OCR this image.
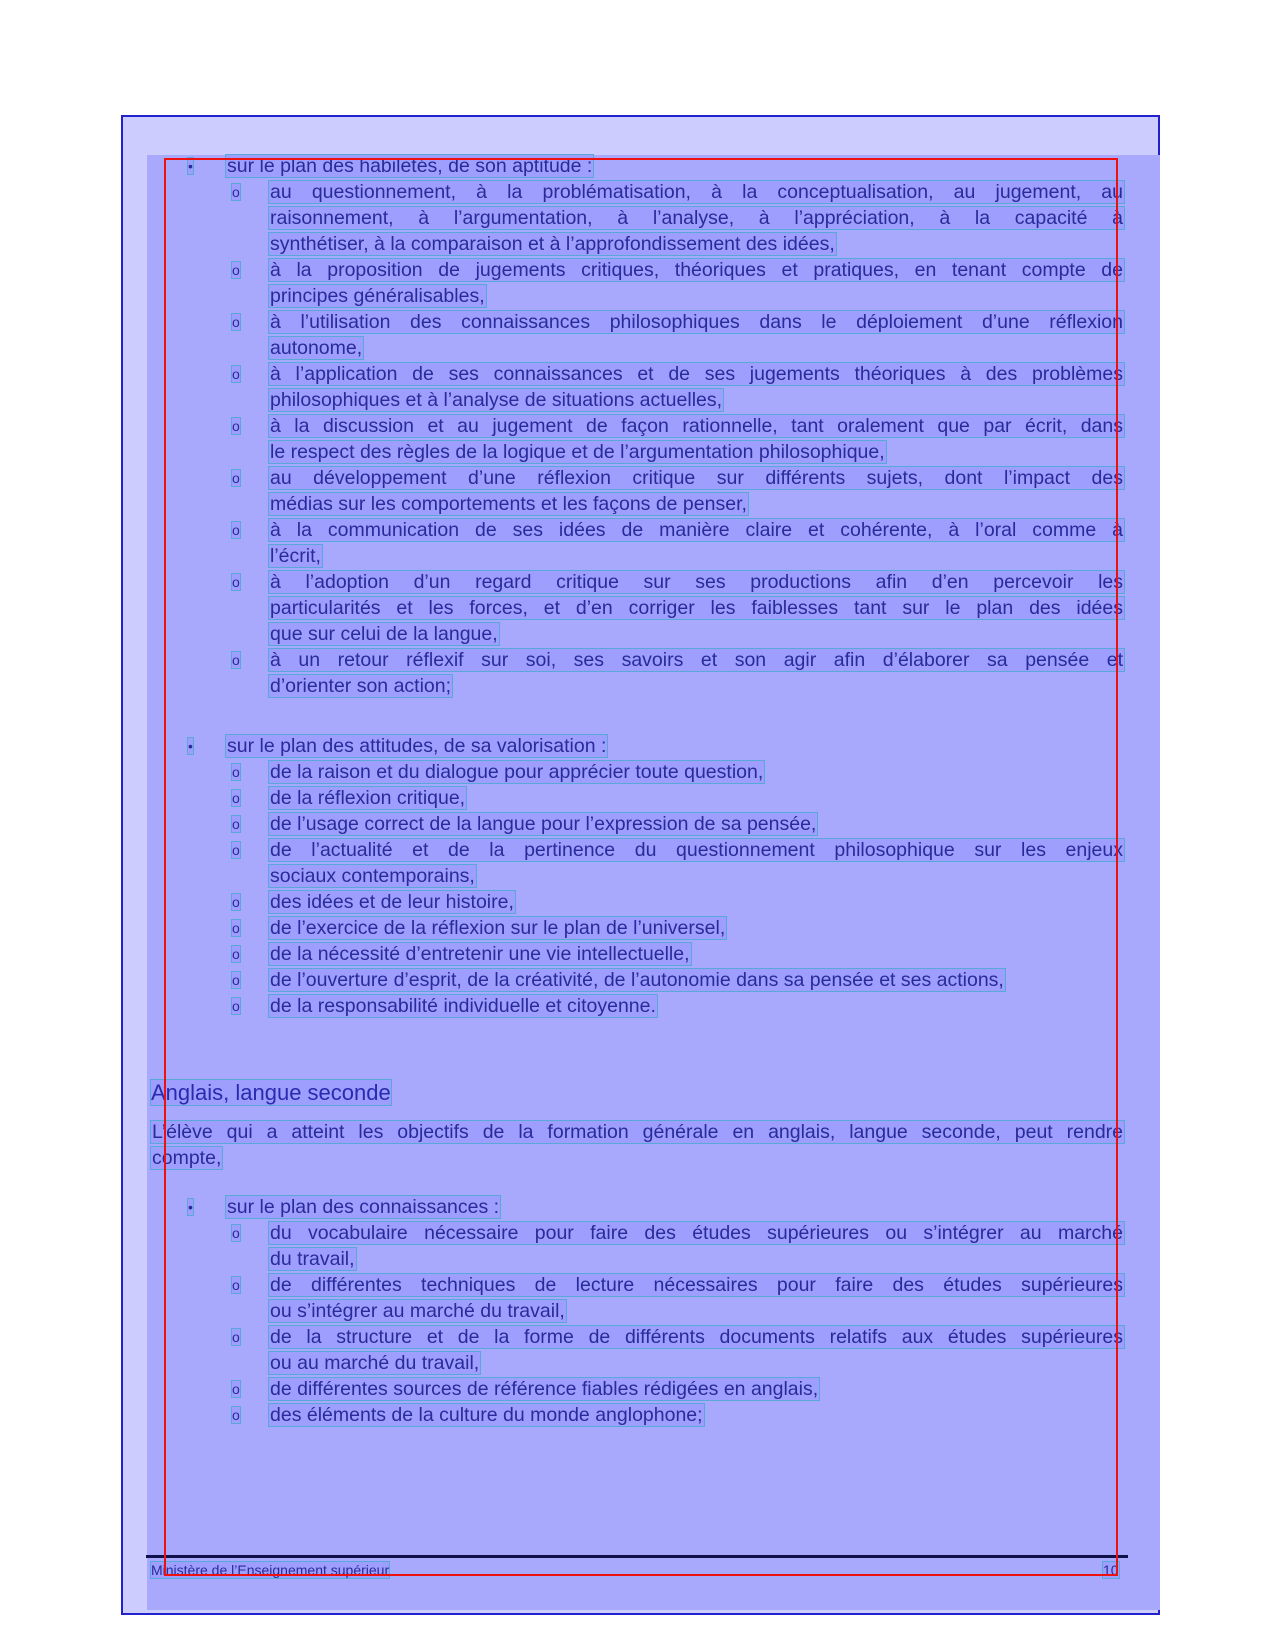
• sur le plan des habiletés, de son aptitude :
o au questionnement, à la problématisation, à la conceptualisation, au jugement, au
raisonnement, à l’argumentation, à l’analyse, à l’appréciation, à la capacité à
synthétiser, à la comparaison et à l’approfondissement des idées,
o à la proposition de jugements critiques, théoriques et pratiques, en tenant compte de
principes généralisables,
o à l’utilisation des connaissances philosophiques dans le déploiement d’une réflexion
autonome,
o à l’application de ses connaissances et de ses jugements théoriques à des problèmes
philosophiques et à l’analyse de situations actuelles,
o à la discussion et au jugement de façon rationnelle, tant oralement que par écrit, dans
le respect des règles de la logique et de l’argumentation philosophique,
o au développement d’une réflexion critique sur différents sujets, dont l’impact des
médias sur les comportements et les façons de penser,
o à la communication de ses idées de manière claire et cohérente, à l’oral comme à
l’écrit,
o à l’adoption d’un regard critique sur ses productions afin d’en percevoir les
particularités et les forces, et d’en corriger les faiblesses tant sur le plan des idées
que sur celui de la langue,
o à un retour réflexif sur soi, ses savoirs et son agir afin d’élaborer sa pensée et
d’orienter son action;
• sur le plan des attitudes, de sa valorisation :
o de la raison et du dialogue pour apprécier toute question,
o de la réflexion critique,
o de l’usage correct de la langue pour l’expression de sa pensée,
o de l’actualité et de la pertinence du questionnement philosophique sur les enjeux
sociaux contemporains,
o des idées et de leur histoire,
o de l’exercice de la réflexion sur le plan de l’universel,
o de la nécessité d’entretenir une vie intellectuelle,
o de l’ouverture d’esprit, de la créativité, de l’autonomie dans sa pensée et ses actions,
o de la responsabilité individuelle et citoyenne.
L’élève qui a atteint les objectifs de la formation générale en anglais, langue seconde, peut rendre
compte,
• sur le plan des connaissances :
o du vocabulaire nécessaire pour faire des études supérieures ou s’intégrer au marché
du travail,
o de différentes techniques de lecture nécessaires pour faire des études supérieures
ou s’intégrer au marché du travail,
o de la structure et de la forme de différents documents relatifs aux études supérieures
ou au marché du travail,
o de différentes sources de référence fiables rédigées en anglais,
o des éléments de la culture du monde anglophone;
Anglais, langue seconde
Ministère de l’Enseignement supérieur	10
